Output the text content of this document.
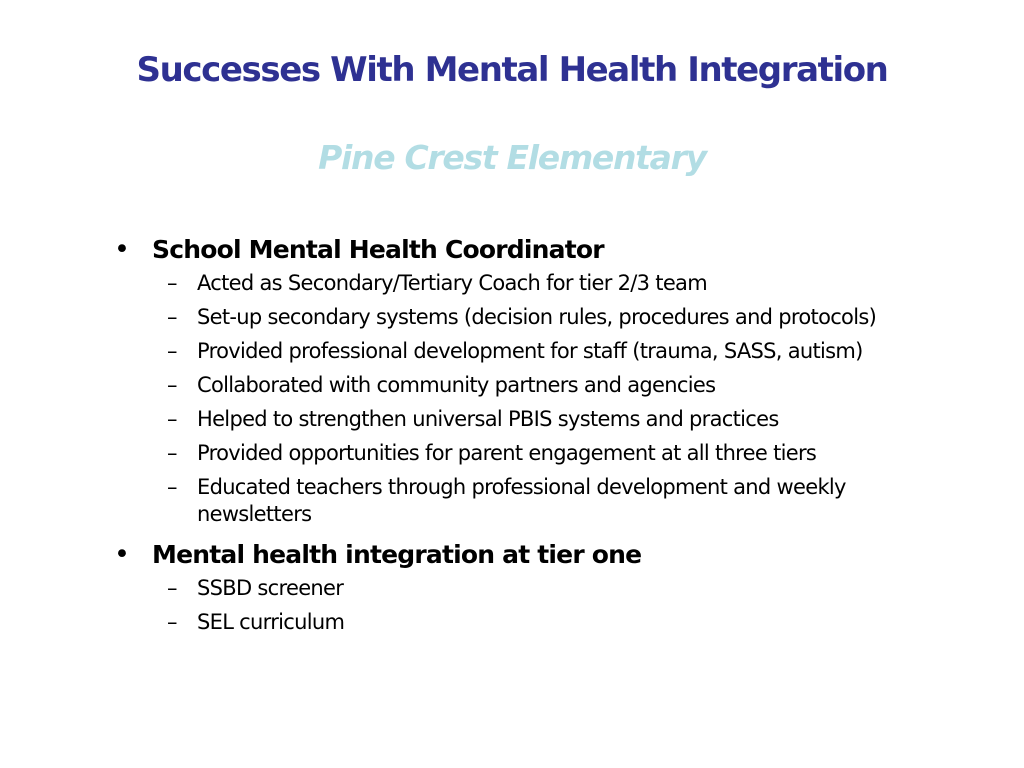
Successes With Mental Health Integration
Pine Crest Elementary
• School Mental Health Coordinator
– Acted as Secondary/Tertiary Coach for tier 2/3 team
– Set-up secondary systems (decision rules, procedures and protocols)
– Provided professional development for staff (trauma, SASS, autism)
– Collaborated with community partners and agencies
– Helped to strengthen universal PBIS systems and practices
– Provided opportunities for parent engagement at all three tiers
– Educated teachers through professional development and weekly newsletters
• Mental health integration at tier one
– SSBD screener
– SEL curriculum
